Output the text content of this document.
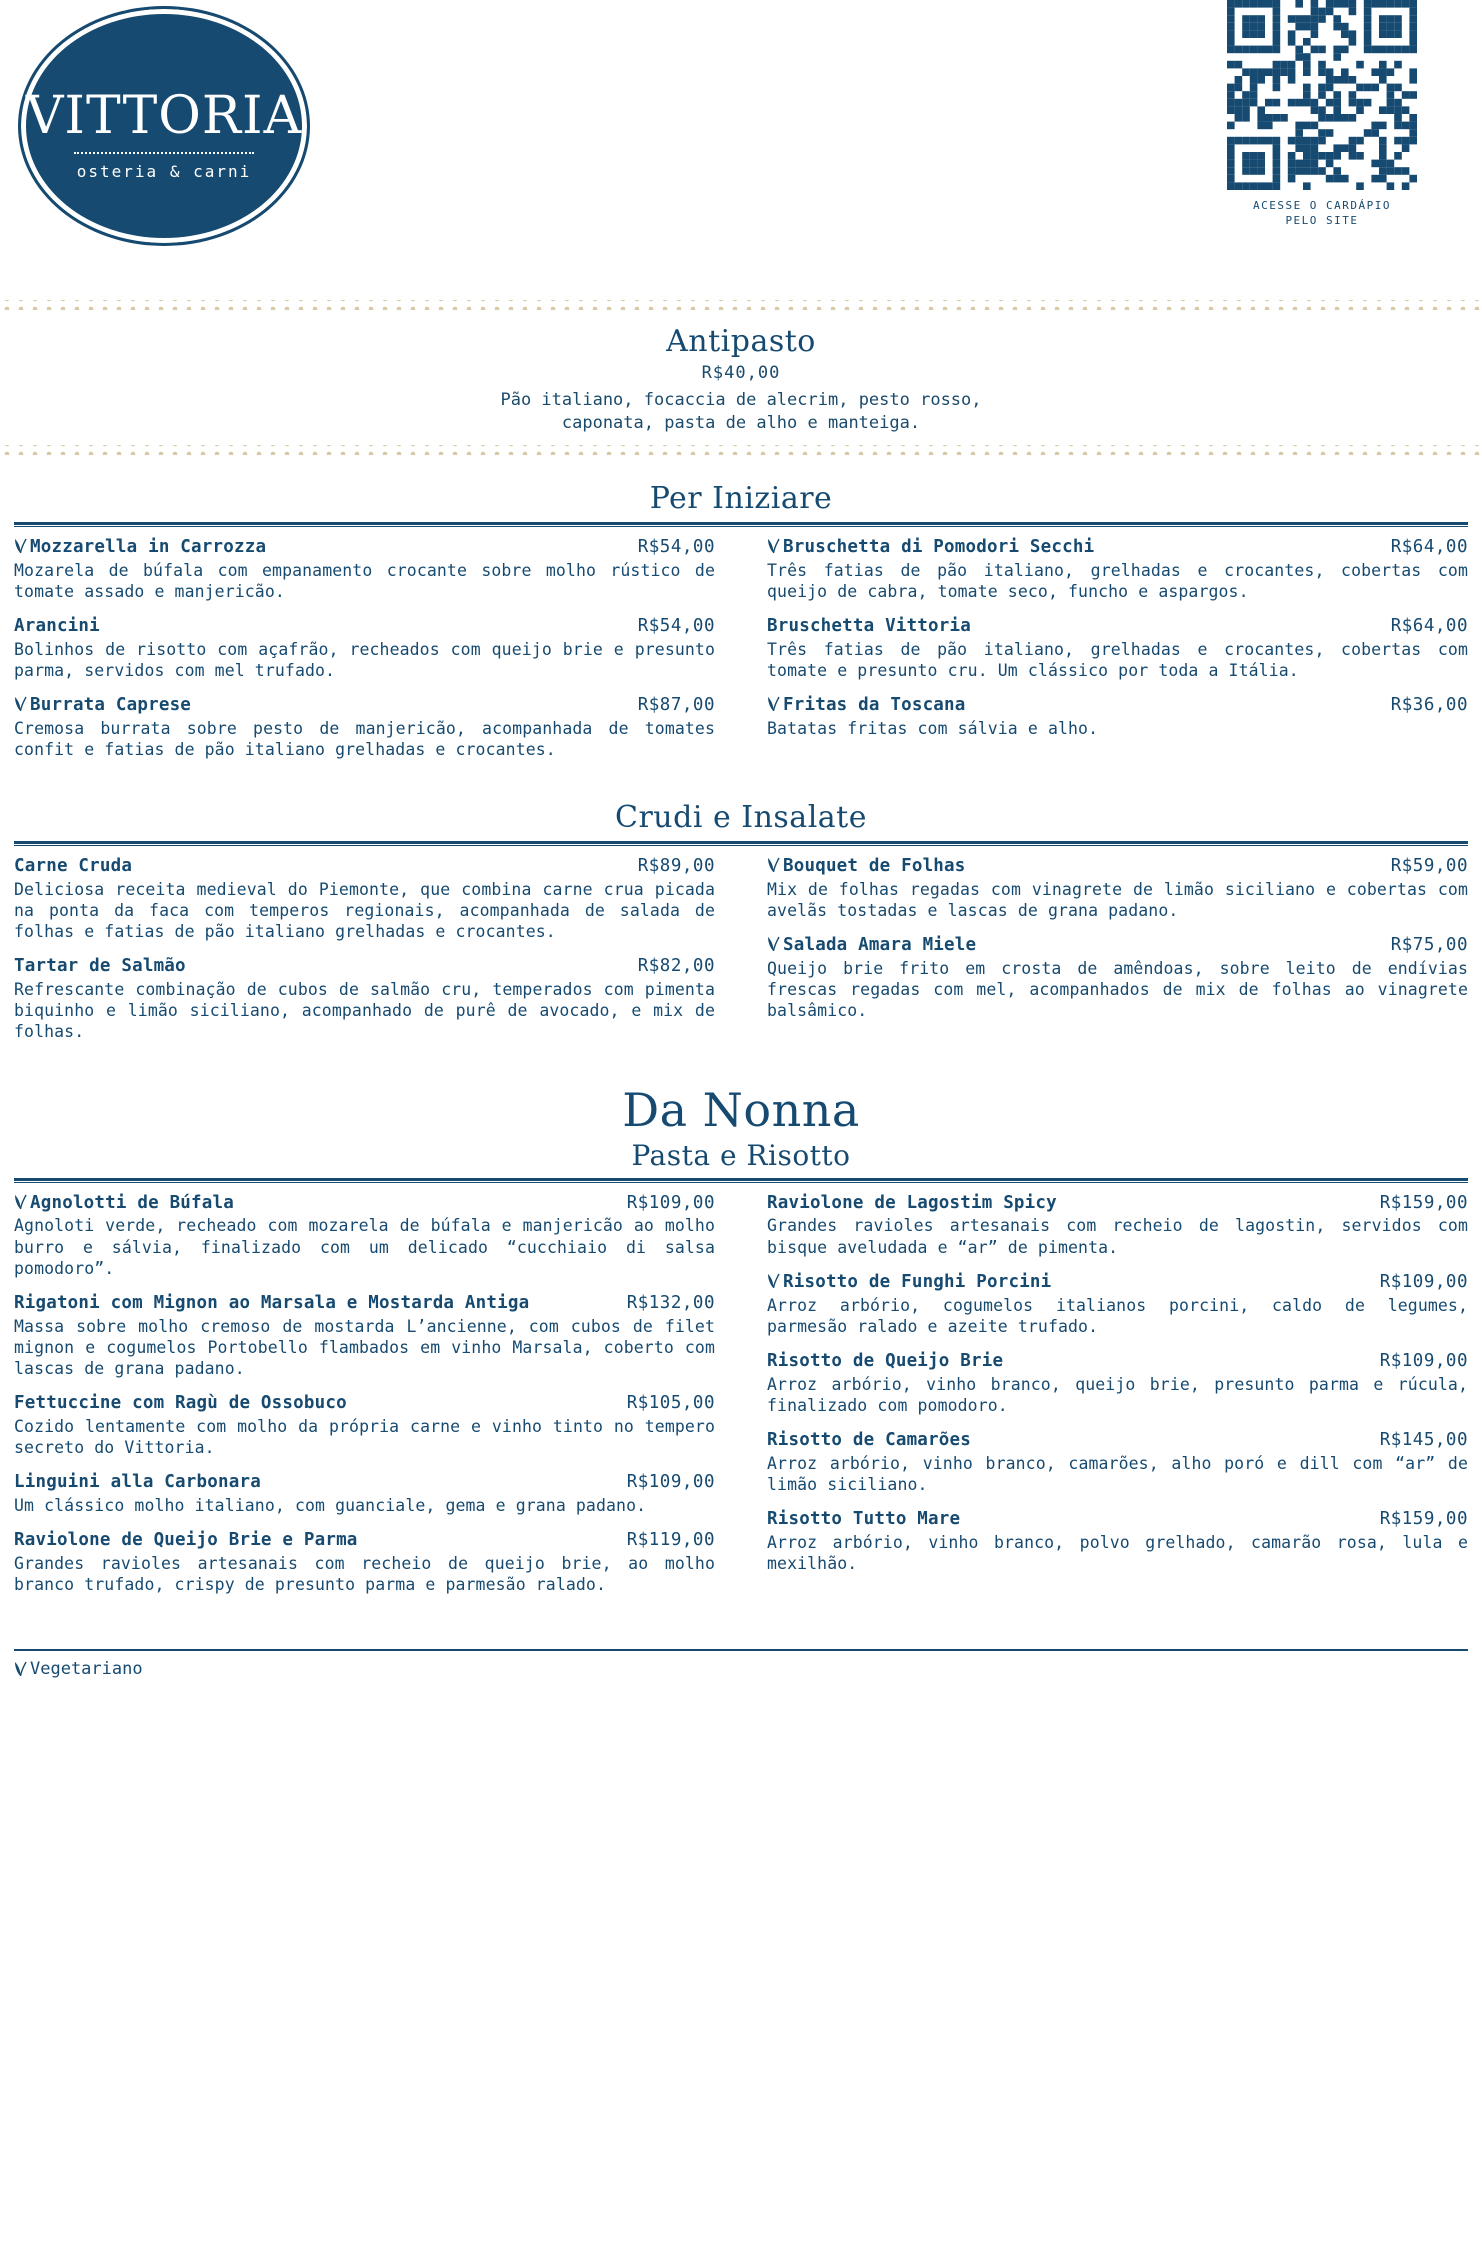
VITTORIA
osteria & carni
ACESSE O CARDÁPIO
PELO SITE
Antipasto
R$40,00
Pão italiano, focaccia de alecrim, pesto rosso,
caponata, pasta de alho e manteiga.
Per Iniziare
Mozzarella in Carrozza	R$54,00
Mozarela de búfala com empanamento crocante sobre molho rústico de tomate assado e manjericão.
Arancini	R$54,00
Bolinhos de risotto com açafrão, recheados com queijo brie e presunto parma, servidos com mel trufado.
Burrata Caprese	R$87,00
Cremosa burrata sobre pesto de manjericão, acompanhada de tomates confit e fatias de pão italiano grelhadas e crocantes.
Bruschetta di Pomodori Secchi	R$64,00
Três fatias de pão italiano, grelhadas e crocantes, cobertas com queijo de cabra, tomate seco, funcho e aspargos.
Bruschetta Vittoria	R$64,00
Três fatias de pão italiano, grelhadas e crocantes, cobertas com tomate e presunto cru. Um clássico por toda a Itália.
Fritas da Toscana	R$36,00
Batatas fritas com sálvia e alho.
Crudi e Insalate
Carne Cruda	R$89,00
Deliciosa receita medieval do Piemonte, que combina carne crua picada na ponta da faca com temperos regionais, acompanhada de salada de folhas e fatias de pão italiano grelhadas e crocantes.
Tartar de Salmão	R$82,00
Refrescante combinação de cubos de salmão cru, temperados com pimenta biquinho e limão siciliano, acompanhado de purê de avocado, e mix de folhas.
Bouquet de Folhas	R$59,00
Mix de folhas regadas com vinagrete de limão siciliano e cobertas com avelãs tostadas e lascas de grana padano.
Salada Amara Miele	R$75,00
Queijo brie frito em crosta de amêndoas, sobre leito de endívias frescas regadas com mel, acompanhados de mix de folhas ao vinagrete balsâmico.
Da Nonna
Pasta e Risotto
Agnolotti de Búfala	R$109,00
Agnoloti verde, recheado com mozarela de búfala e manjericão ao molho burro e sálvia, finalizado com um delicado “cucchiaio di salsa pomodoro”.
Rigatoni com Mignon ao Marsala e Mostarda Antiga	R$132,00
Massa sobre molho cremoso de mostarda L’ancienne, com cubos de filet mignon e cogumelos Portobello flambados em vinho Marsala, coberto com lascas de grana padano.
Fettuccine com Ragù de Ossobuco	R$105,00
Cozido lentamente com molho da própria carne e vinho tinto no tempero secreto do Vittoria.
Linguini alla Carbonara	R$109,00
Um clássico molho italiano, com guanciale, gema e grana padano.
Raviolone de Queijo Brie e Parma	R$119,00
Grandes ravioles artesanais com recheio de queijo brie, ao molho branco trufado, crispy de presunto parma e parmesão ralado.
Raviolone de Lagostim Spicy	R$159,00
Grandes ravioles artesanais com recheio de lagostin, servidos com bisque aveludada e “ar” de pimenta.
Risotto de Funghi Porcini	R$109,00
Arroz arbório, cogumelos italianos porcini, caldo de legumes, parmesão ralado e azeite trufado.
Risotto de Queijo Brie	R$109,00
Arroz arbório, vinho branco, queijo brie, presunto parma e rúcula, finalizado com pomodoro.
Risotto de Camarões	R$145,00
Arroz arbório, vinho branco, camarões, alho poró e dill com “ar” de limão siciliano.
Risotto Tutto Mare	R$159,00
Arroz arbório, vinho branco, polvo grelhado, camarão rosa, lula e mexilhão.
Vegetariano
